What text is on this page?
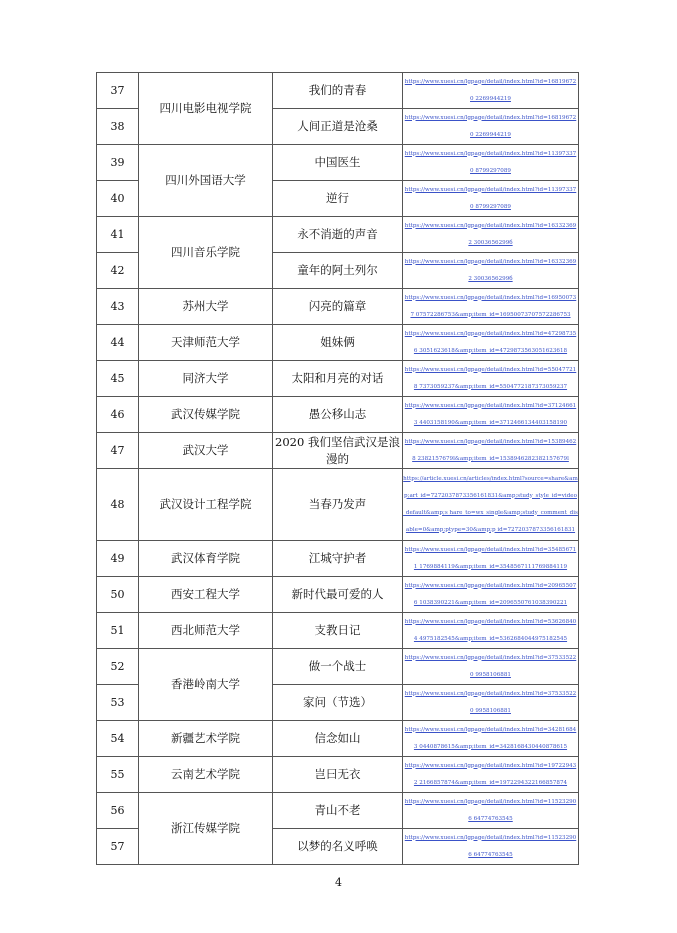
37	四川电影电视学院	我们的青春	https://www.xuesi.cn/lgpage/detail/index.html?id=168196720 2269944219
38		人间正道是沧桑	https://www.xuesi.cn/lgpage/detail/index.html?id=168196720 2269944219
39	四川外国语大学	中国医生	https://www.xuesi.cn/lgpage/detail/index.html?id=113973370 8799297089
40		逆行	https://www.xuesi.cn/lgpage/detail/index.html?id=113973370 8799297089
41	四川音乐学院	永不消逝的声音	https://www.xuesi.cn/lgpage/detail/index.html?id=163323692 3003656299б
42		童年的阿土列尔	https://www.xuesi.cn/lgpage/detail/index.html?id=163323692 3003656299б
43	苏州大学	闪亮的篇章	https://www.xuesi.cn/lgpage/detail/index.html?id=169500737 0757228675З&amp;item_id=1695007370757228675З
44	天津师范大学	姐妹俩	https://www.xuesi.cn/lgpage/detail/index.html?id=472987356 3051623618&amp;item_id=4729873563051623618
45	同济大学	太阳和月亮的对话	https://www.xuesi.cn/lgpage/detail/index.html?id=550477218 7373059237&amp;item_id=5504772187373059237
46	武汉传媒学院	愚公移山志	https://www.xuesi.cn/lgpage/detail/index.html?id=371246613 4403158190&amp;item_id=3712466134403158190
47	武汉大学	2020 我们坚信武汉是浪漫的	https://www.xuesi.cn/lgpage/detail/index.html?id=153894628 2382157679l&amp;item_id=1538946282382157679l
48	武汉设计工程学院	当春乃发声	https://article.xuesi.cn/articles/index.html?source=share&amp;art_id=7272037873356161831&amp;study_style_id=video_default&amp;s hare_to=wx_single&amp;study_comment_disable=0&amp;ptype=30&amp;p id=7272037873356161831
49	武汉体育学院	江城守护者	https://www.xuesi.cn/lgpage/detail/index.html?id=354856711 1769884119&amp;item_id=3548567111769884119
50	西安工程大学	新时代最可爱的人	https://www.xuesi.cn/lgpage/detail/index.html?id=209655076 1038390221&amp;item_id=2096550761038390221
51	西北师范大学	支教日记	https://www.xuesi.cn/lgpage/detail/index.html?id=536268404 4975182545&amp;item_id=5362684044975182545
52	香港岭南大学	做一个战士	https://www.xuesi.cn/lgpage/detail/index.html?id=375335220 9958106881
53		家问（节选）	https://www.xuesi.cn/lgpage/detail/index.html?id=375335220 9958106881
54	新疆艺术学院	信念如山	https://www.xuesi.cn/lgpage/detail/index.html?id=342816843 0440878615&amp;item_id=3428168430440878615
55	云南艺术学院	岂曰无衣	https://www.xuesi.cn/lgpage/detail/index.html?id=197229432 2166857874&amp;item_id=1972294322166857874
56	浙江传媒学院	青山不老	https://www.xuesi.cn/lgpage/detail/index.html?id=115232906 64774763545
57		以梦的名义呼唤	https://www.xuesi.cn/lgpage/detail/index.html?id=115232906 64774763545
4
